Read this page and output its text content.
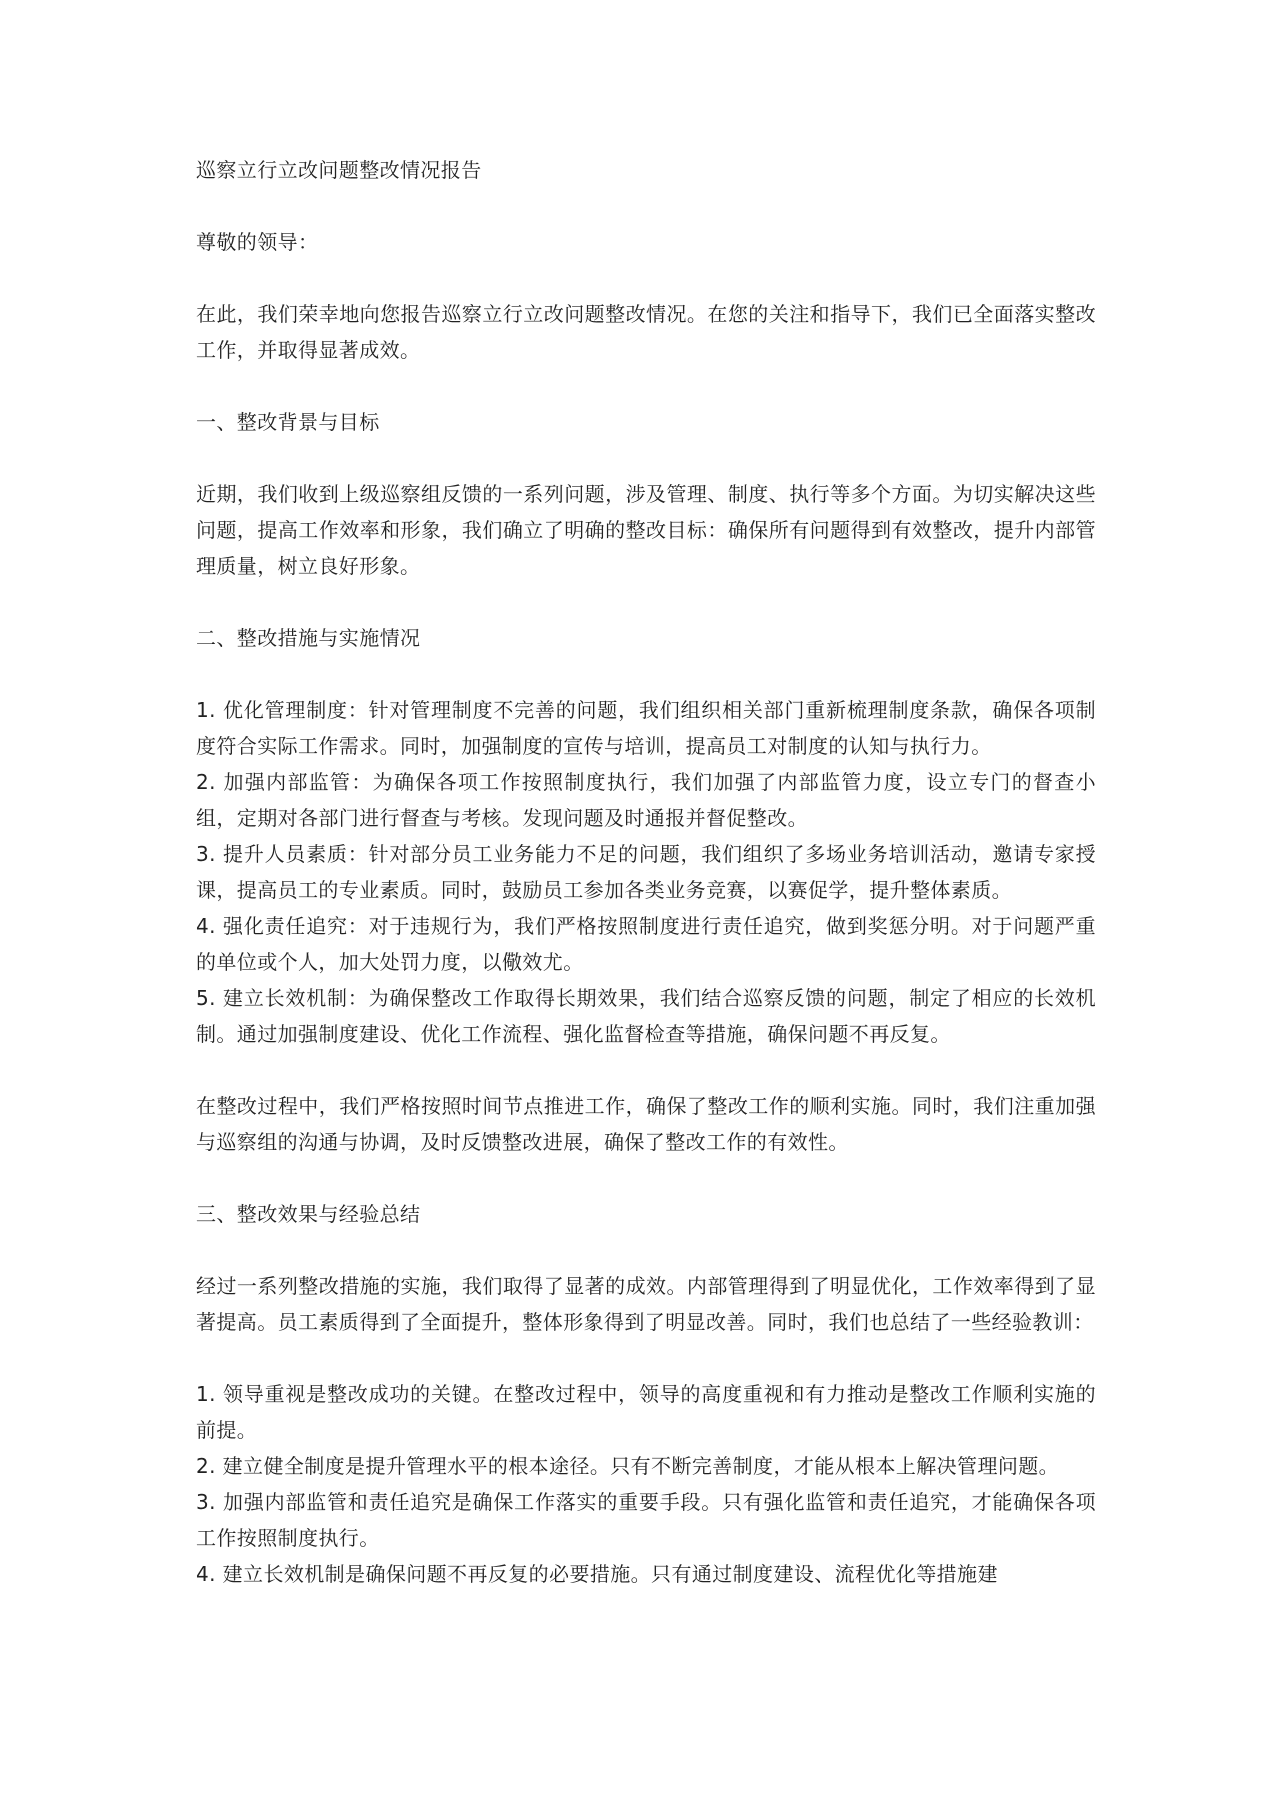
巡察立行立改问题整改情况报告

尊敬的领导：

在此，我们荣幸地向您报告巡察立行立改问题整改情况。在您的关注和指导下，我们已全面落实整改工作，并取得显著成效。

一、整改背景与目标

近期，我们收到上级巡察组反馈的一系列问题，涉及管理、制度、执行等多个方面。为切实解决这些问题，提高工作效率和形象，我们确立了明确的整改目标：确保所有问题得到有效整改，提升内部管理质量，树立良好形象。

二、整改措施与实施情况

1. 优化管理制度：针对管理制度不完善的问题，我们组织相关部门重新梳理制度条款，确保各项制度符合实际工作需求。同时，加强制度的宣传与培训，提高员工对制度的认知与执行力。

2. 加强内部监管：为确保各项工作按照制度执行，我们加强了内部监管力度，设立专门的督查小组，定期对各部门进行督查与考核。发现问题及时通报并督促整改。

3. 提升人员素质：针对部分员工业务能力不足的问题，我们组织了多场业务培训活动，邀请专家授课，提高员工的专业素质。同时，鼓励员工参加各类业务竞赛，以赛促学，提升整体素质。

4. 强化责任追究：对于违规行为，我们严格按照制度进行责任追究，做到奖惩分明。对于问题严重的单位或个人，加大处罚力度，以儆效尤。

5. 建立长效机制：为确保整改工作取得长期效果，我们结合巡察反馈的问题，制定了相应的长效机制。通过加强制度建设、优化工作流程、强化监督检查等措施，确保问题不再反复。

在整改过程中，我们严格按照时间节点推进工作，确保了整改工作的顺利实施。同时，我们注重加强与巡察组的沟通与协调，及时反馈整改进展，确保了整改工作的有效性。

三、整改效果与经验总结

经过一系列整改措施的实施，我们取得了显著的成效。内部管理得到了明显优化，工作效率得到了显著提高。员工素质得到了全面提升，整体形象得到了明显改善。同时，我们也总结了一些经验教训：

1. 领导重视是整改成功的关键。在整改过程中，领导的高度重视和有力推动是整改工作顺利实施的前提。

2. 建立健全制度是提升管理水平的根本途径。只有不断完善制度，才能从根本上解决管理问题。

3. 加强内部监管和责任追究是确保工作落实的重要手段。只有强化监管和责任追究，才能确保各项工作按照制度执行。

4. 建立长效机制是确保问题不再反复的必要措施。只有通过制度建设、流程优化等措施建
